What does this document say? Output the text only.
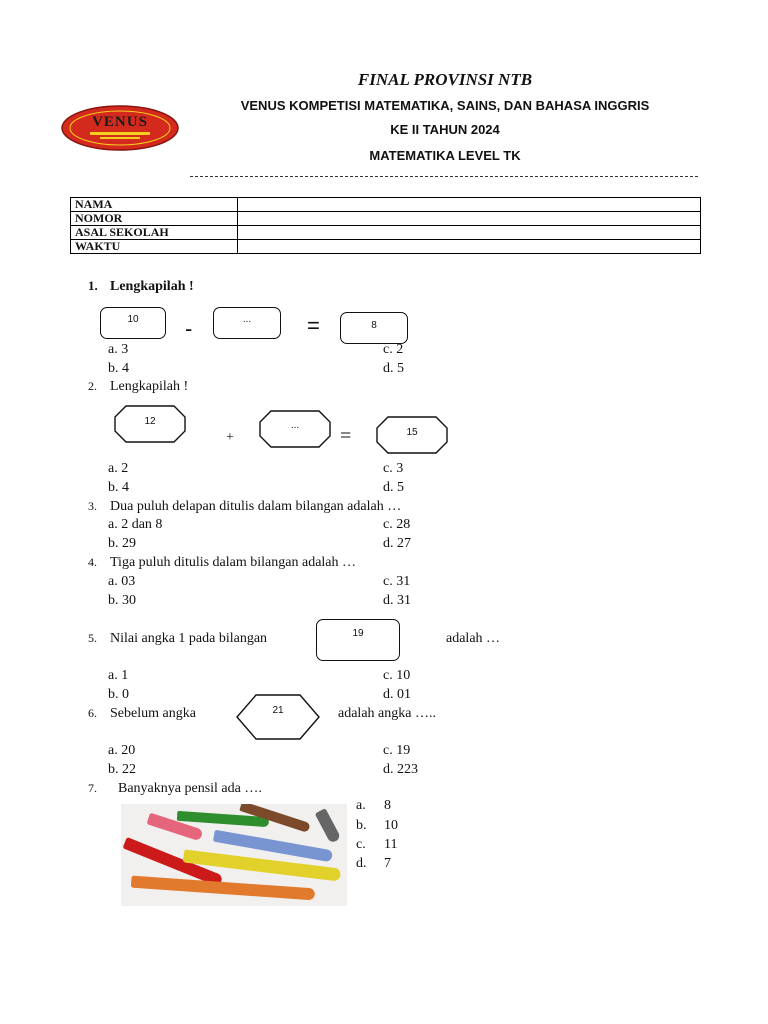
VENUS
FINAL PROVINSI NTB
VENUS KOMPETISI MATEMATIKA, SAINS, DAN BAHASA INGGRIS
KE II TAHUN 2024
MATEMATIKA LEVEL TK
NAMA	
NOMOR	
ASAL SEKOLAH	
WAKTU	
1. Lengkapilah !
10	-	...	=	8
a. 3
b. 4
c. 2
d. 5
2. Lengkapilah !
12
+
...	=	15
a. 2
b. 4
c. 3
d. 5
3. Dua puluh delapan ditulis dalam bilangan adalah …
a. 2 dan 8
b. 29
c. 28
d. 27
4. Tiga puluh ditulis dalam bilangan adalah …
a. 03
b. 30
c. 31
d. 31
5. Nilai angka 1 pada bilangan	19	adalah …
a. 1
b. 0
c. 10
d. 01
6. Sebelum angka	21	adalah angka …..
a. 20
b. 22
c. 19
d. 223
7. Banyaknya pensil ada ….
a. 8
b. 10
c. 11
d. 7
